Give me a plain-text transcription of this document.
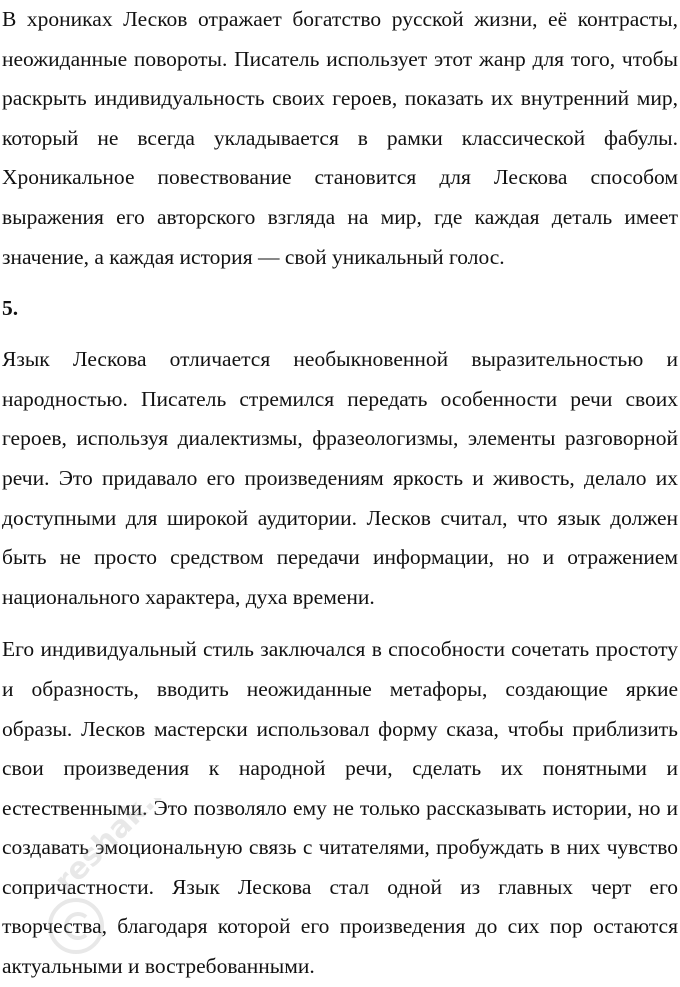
В хрониках Лесков отражает богатство русской жизни, её контрасты, неожиданные повороты. Писатель использует этот жанр для того, чтобы раскрыть индивидуальность своих героев, показать их внутренний мир, который не всегда укладывается в рамки классической фабулы. Хроникальное повествование становится для Лескова способом выражения его авторского взгляда на мир, где каждая деталь имеет значение, а каждая история — свой уникальный голос.

5.

Язык Лескова отличается необыкновенной выразительностью и народностью. Писатель стремился передать особенности речи своих героев, используя диалектизмы, фразеологизмы, элементы разговорной речи. Это придавало его произведениям яркость и живость, делало их доступными для широкой аудитории. Лесков считал, что язык должен быть не просто средством передачи информации, но и отражением национального характера, духа времени.

Его индивидуальный стиль заключался в способности сочетать простоту и образность, вводить неожиданные метафоры, создающие яркие образы. Лесков мастерски использовал форму сказа, чтобы приблизить свои произведения к народной речи, сделать их понятными и естественными. Это позволяло ему не только рассказывать истории, но и создавать эмоциональную связь с читателями, пробуждать в них чувство сопричастности. Язык Лескова стал одной из главных черт его творчества, благодаря которой его произведения до сих пор остаются актуальными и востребованными.

reshak.ru
